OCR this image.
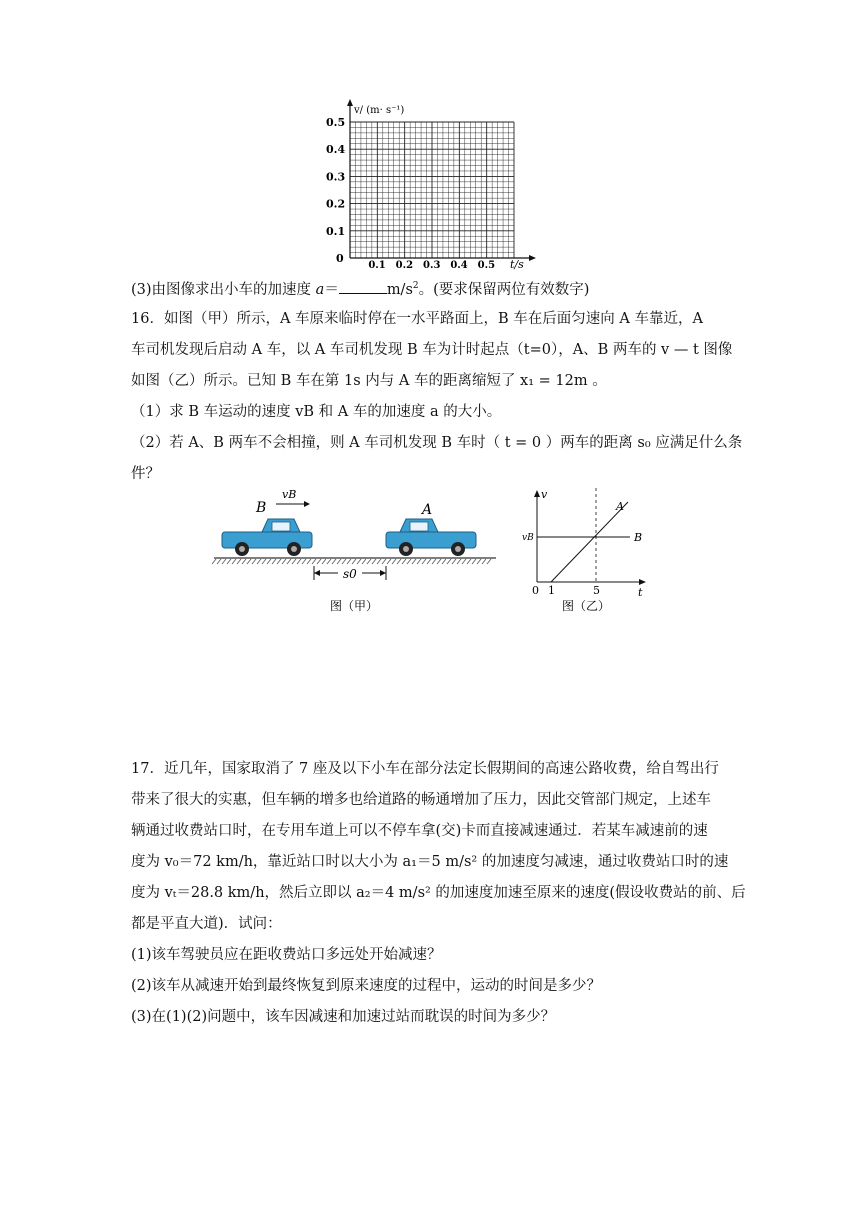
v/ (m· s⁻¹)
t/s
0.5
0.4
0.3
0.2
0.1
0
0.1 0.2 0.3 0.4 0.5
(3)由图像求出小车的加速度 a＝	$m/s^2$。(要求保留两位有效数字)
16．如图（甲）所示，A 车原来临时停在一水平路面上，B 车在后面匀速向 A 车靠近，A
车司机发现后启动 A 车，以 A 车司机发现 B 车为计时起点（t=0），A、B 两车的 v — t 图像
如图（乙）所示。已知 B 车在第 1s 内与 A 车的距离缩短了 x₁ = 12m 。
（1）求 B 车运动的速度 vB 和 A 车的加速度 a 的大小。
（2）若 A、B 两车不会相撞，则 A 车司机发现 B 车时（ t = 0 ）两车的距离 s₀ 应满足什么条
件？
B
vB
A
s0
图（甲）
v
t
vB	B
A
0 1	5
图（乙）
17．近几年，国家取消了 7 座及以下小车在部分法定长假期间的高速公路收费，给自驾出行
带来了很大的实惠，但车辆的增多也给道路的畅通增加了压力，因此交管部门规定，上述车
辆通过收费站口时，在专用车道上可以不停车拿(交)卡而直接减速通过．若某车减速前的速
度为 v₀＝72 km/h，靠近站口时以大小为 a₁＝5 m/s² 的加速度匀减速，通过收费站口时的速
度为 vₜ＝28.8 km/h，然后立即以 a₂＝4 m/s² 的加速度加速至原来的速度(假设收费站的前、后
都是平直大道)．试问：
(1)该车驾驶员应在距收费站口多远处开始减速？
(2)该车从减速开始到最终恢复到原来速度的过程中，运动的时间是多少？
(3)在(1)(2)问题中，该车因减速和加速过站而耽误的时间为多少？
